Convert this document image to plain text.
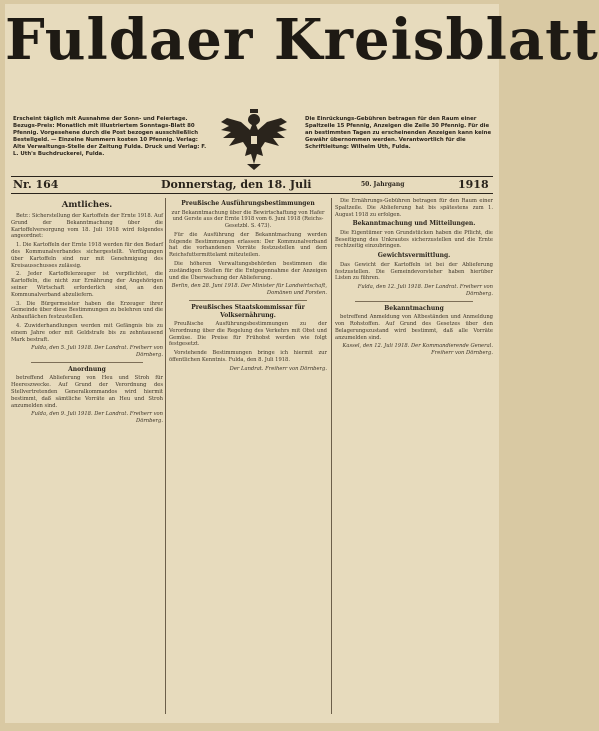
Fuldaer Kreisblatt
Erscheint täglich mit Ausnahme der Sonn- und Feiertage. Bezugs-Preis: Monatlich mit illustriertem Sonntags-Blatt 80 Pfennig. Vorgesehene durch die Post bezogen ausschließlich Bestellgeld. — Einzelne Nummern kosten 10 Pfennig. Verlag: Alte Verwaltungs-Stelle der Zeitung Fulda. Druck und Verlag: F. L. Uth's Buchdruckerei, Fulda.
Die Einrückungs-Gebühren betragen für den Raum einer Spaltzeile 15 Pfennig, Anzeigen die Zeile 30 Pfennig. Für die an bestimmten Tagen zu erscheinenden Anzeigen kann keine Gewähr übernommen werden. Verantwortlich für die Schriftleitung: Wilhelm Uth, Fulda.
Nr. 164	Donnerstag, den 18. Juli	50. Jahrgang	1918
Amtliches.

Betr.: Sicherstellung der Kartoffeln der Ernte 1918. Auf Grund der Bekanntmachung über die Kartoffelversorgung vom 18. Juli 1918 wird folgendes angeordnet:

1. Die Kartoffeln der Ernte 1918 werden für den Bedarf des Kommunalverbandes sichergestellt. Verfügungen über Kartoffeln sind nur mit Genehmigung des Kreisausschusses zulässig.

2. Jeder Kartoffelerzeuger ist verpflichtet, die Kartoffeln, die nicht zur Ernährung der Angehörigen seiner Wirtschaft erforderlich sind, an den Kommunalverband abzuliefern.

3. Die Bürgermeister haben die Erzeuger ihrer Gemeinde über diese Bestimmungen zu belehren und die Anbauflächen festzustellen.

4. Zuwiderhandlungen werden mit Gefängnis bis zu einem Jahre oder mit Geldstrafe bis zu zehntausend Mark bestraft.

Fulda, den 5. Juli 1918. Der Landrat. Freiherr von Dörnberg.

Anordnung

betreffend Ablieferung von Heu und Stroh für Heereszwecke. Auf Grund der Verordnung des Stellvertretenden Generalkommandos wird hiermit bestimmt, daß sämtliche Vorräte an Heu und Stroh anzumelden sind.

Fulda, den 9. Juli 1918. Der Landrat. Freiherr von Dörnberg.

Preußische Ausführungsbestimmungen

zur Bekanntmachung über die Bewirtschaftung von Hafer und Gerste aus der Ernte 1918 vom 6. Juni 1918 (Reichs-Gesetzbl. S. 473).

Für die Ausführung der Bekanntmachung werden folgende Bestimmungen erlassen: Der Kommunalverband hat die vorhandenen Vorräte festzustellen und dem Reichsfuttermittelamt mitzuteilen.

Die höheren Verwaltungsbehörden bestimmen die zuständigen Stellen für die Entgegennahme der Anzeigen und die Überwachung der Ablieferung.

Berlin, den 28. Juni 1918. Der Minister für Landwirtschaft, Domänen und Forsten.

Preußisches Staatskommissar für Volksernährung.

Preußische Ausführungsbestimmungen zu der Verordnung über die Regelung des Verkehrs mit Obst und Gemüse. Die Preise für Frühobst werden wie folgt festgesetzt.

Vorstehende Bestimmungen bringe ich hiermit zur öffentlichen Kenntnis. Fulda, den 8. Juli 1918.

Der Landrat. Freiherr von Dörnberg.

Die Ernährungs-Gebühren betragen für den Raum einer Spaltzeile. Die Ablieferung hat bis spätestens zum 1. August 1918 zu erfolgen.

Bekanntmachung und Mitteilungen.

Die Eigentümer von Grundstücken haben die Pflicht, die Beseitigung des Unkrautes sicherzustellen und die Ernte rechtzeitig einzubringen.

Gewichtsvermittlung.

Das Gewicht der Kartoffeln ist bei der Ablieferung festzustellen. Die Gemeindevorsteher haben hierüber Listen zu führen.

Fulda, den 12. Juli 1918. Der Landrat. Freiherr von Dörnberg.

Bekanntmachung

betreffend Anmeldung von Altbeständen und Anmeldung von Rohstoffen. Auf Grund des Gesetzes über den Belagerungszustand wird bestimmt, daß alle Vorräte anzumelden sind.

Kassel, den 12. Juli 1918. Der Kommandierende General. Freiherr von Dörnberg.
